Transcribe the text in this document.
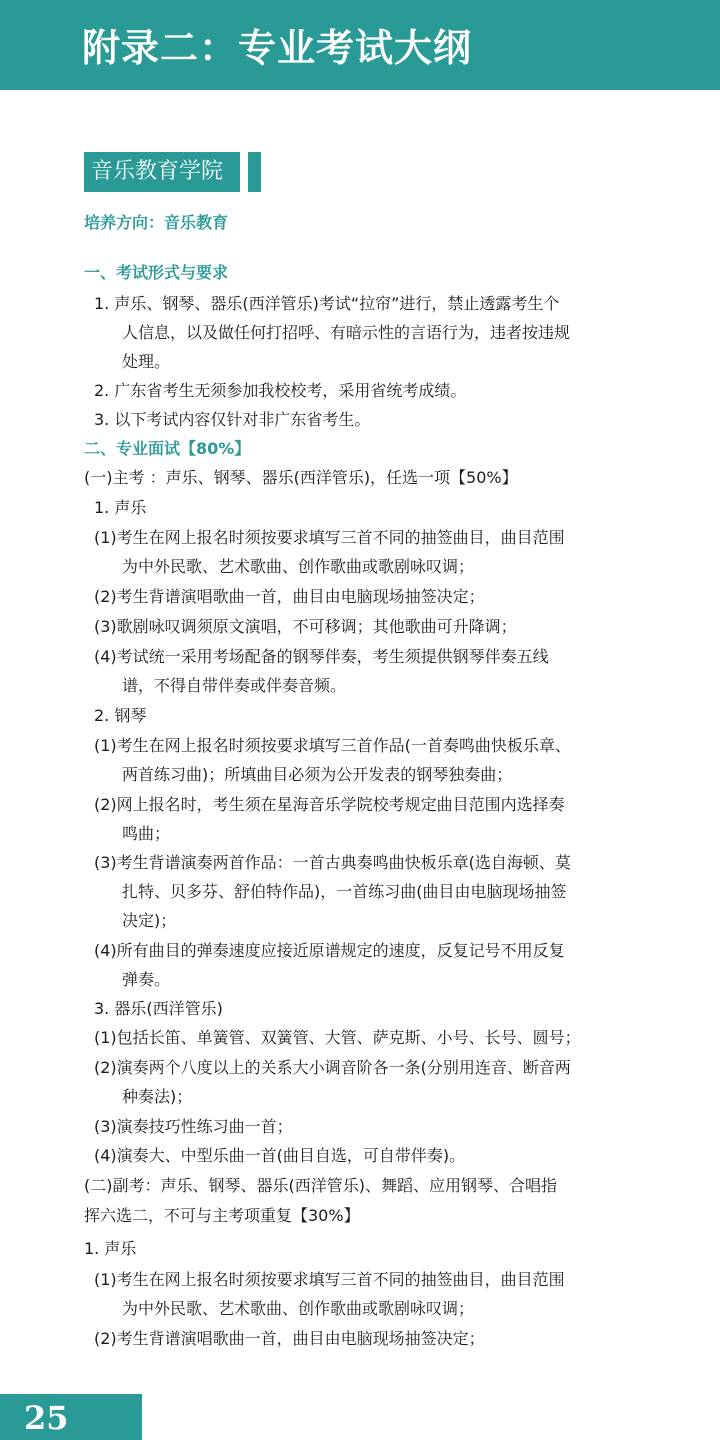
附录二：专业考试大纲
音乐教育学院
培养方向：音乐教育
一、考试形式与要求
1. 声乐、钢琴、器乐(西洋管乐)考试“拉帘”进行，禁止透露考生个
人信息，以及做任何打招呼、有暗示性的言语行为，违者按违规
处理。
2. 广东省考生无须参加我校校考，采用省统考成绩。
3. 以下考试内容仅针对非广东省考生。
二、专业面试【80%】
(一)主考 ：声乐、钢琴、器乐(西洋管乐)，任选一项【50%】
1. 声乐
(1)考生在网上报名时须按要求填写三首不同的抽签曲目，曲目范围
为中外民歌、艺术歌曲、创作歌曲或歌剧咏叹调；
(2)考生背谱演唱歌曲一首，曲目由电脑现场抽签决定；
(3)歌剧咏叹调须原文演唱，不可移调；其他歌曲可升降调；
(4)考试统一采用考场配备的钢琴伴奏，考生须提供钢琴伴奏五线
谱，不得自带伴奏或伴奏音频。
2. 钢琴
(1)考生在网上报名时须按要求填写三首作品(一首奏鸣曲快板乐章、
两首练习曲)；所填曲目必须为公开发表的钢琴独奏曲；
(2)网上报名时，考生须在星海音乐学院校考规定曲目范围内选择奏
鸣曲；
(3)考生背谱演奏两首作品：一首古典奏鸣曲快板乐章(选自海顿、莫
扎特、贝多芬、舒伯特作品)，一首练习曲(曲目由电脑现场抽签
决定)；
(4)所有曲目的弹奏速度应接近原谱规定的速度，反复记号不用反复
弹奏。
3. 器乐(西洋管乐)
(1)包括长笛、单簧管、双簧管、大管、萨克斯、小号、长号、圆号；
(2)演奏两个八度以上的关系大小调音阶各一条(分别用连音、断音两
种奏法)；
(3)演奏技巧性练习曲一首；
(4)演奏大、中型乐曲一首(曲目自选，可自带伴奏)。
(二)副考：声乐、钢琴、器乐(西洋管乐)、舞蹈、应用钢琴、合唱指
挥六选二，不可与主考项重复【30%】
1. 声乐
(1)考生在网上报名时须按要求填写三首不同的抽签曲目，曲目范围
为中外民歌、艺术歌曲、创作歌曲或歌剧咏叹调；
(2)考生背谱演唱歌曲一首，曲目由电脑现场抽签决定；
25
